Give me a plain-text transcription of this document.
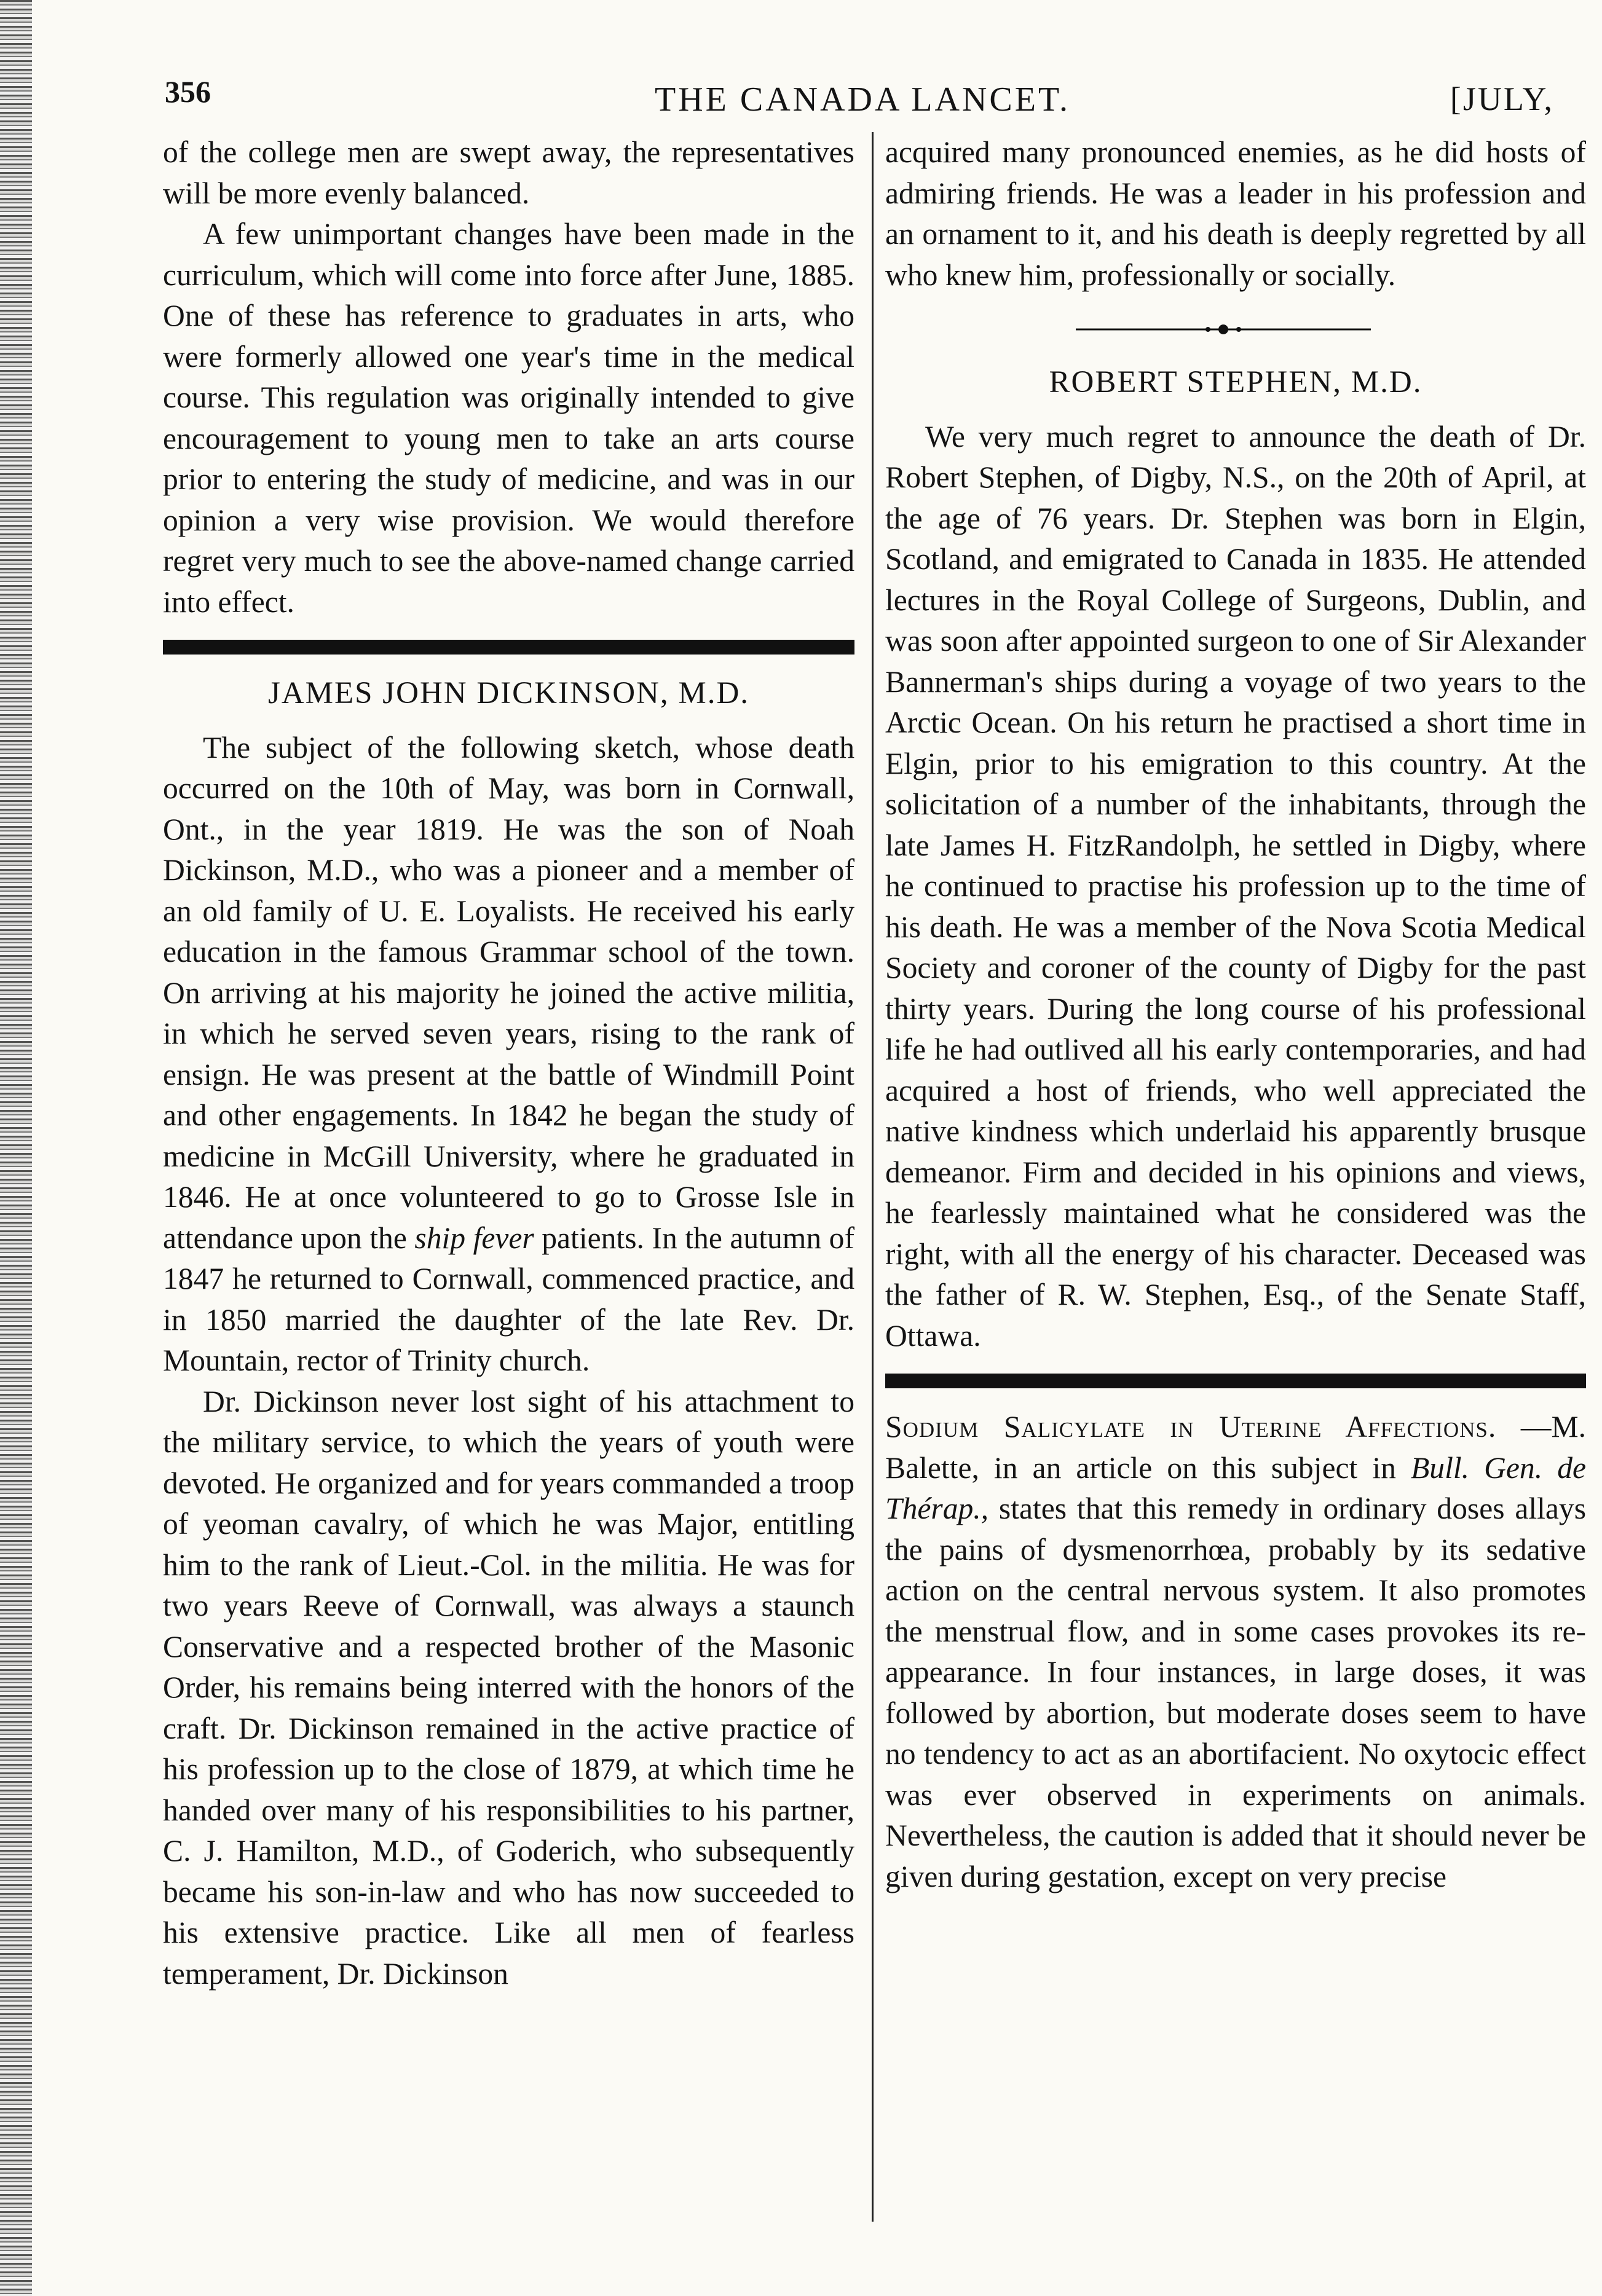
356	THE CANADA LANCET.	[JULY,

of the college men are swept away, the representatives will be more evenly balanced.

A few unimportant changes have been made in the curriculum, which will come into force after June, 1885. One of these has reference to graduates in arts, who were formerly allowed one year's time in the medical course. This regulation was originally intended to give encouragement to young men to take an arts course prior to entering the study of medicine, and was in our opinion a very wise provision. We would therefore regret very much to see the above-named change carried into effect.

JAMES JOHN DICKINSON, M.D.

The subject of the following sketch, whose death occurred on the 10th of May, was born in Cornwall, Ont., in the year 1819. He was the son of Noah Dickinson, M.D., who was a pioneer and a member of an old family of U. E. Loyalists. He received his early education in the famous Grammar school of the town. On arriving at his majority he joined the active militia, in which he served seven years, rising to the rank of ensign. He was present at the battle of Windmill Point and other engagements. In 1842 he began the study of medicine in McGill University, where he graduated in 1846. He at once volunteered to go to Grosse Isle in attendance upon the ship fever patients. In the autumn of 1847 he returned to Cornwall, commenced practice, and in 1850 married the daughter of the late Rev. Dr. Mountain, rector of Trinity church.

Dr. Dickinson never lost sight of his attachment to the military service, to which the years of youth were devoted. He organized and for years commanded a troop of yeoman cavalry, of which he was Major, entitling him to the rank of Lieut.-Col. in the militia. He was for two years Reeve of Cornwall, was always a staunch Conservative and a respected brother of the Masonic Order, his remains being interred with the honors of the craft. Dr. Dickinson remained in the active practice of his profession up to the close of 1879, at which time he handed over many of his responsibilities to his partner, C. J. Hamilton, M.D., of Goderich, who subsequently became his son-in-law and who has now succeeded to his extensive practice. Like all men of fearless temperament, Dr. Dickinson

acquired many pronounced enemies, as he did hosts of admiring friends. He was a leader in his profession and an ornament to it, and his death is deeply regretted by all who knew him, professionally or socially.

ROBERT STEPHEN, M.D.

We very much regret to announce the death of Dr. Robert Stephen, of Digby, N.S., on the 20th of April, at the age of 76 years. Dr. Stephen was born in Elgin, Scotland, and emigrated to Canada in 1835. He attended lectures in the Royal College of Surgeons, Dublin, and was soon after appointed surgeon to one of Sir Alexander Bannerman's ships during a voyage of two years to the Arctic Ocean. On his return he practised a short time in Elgin, prior to his emigration to this country. At the solicitation of a number of the inhabitants, through the late James H. FitzRandolph, he settled in Digby, where he continued to practise his profession up to the time of his death. He was a member of the Nova Scotia Medical Society and coroner of the county of Digby for the past thirty years. During the long course of his professional life he had outlived all his early contemporaries, and had acquired a host of friends, who well appreciated the native kindness which underlaid his apparently brusque demeanor. Firm and decided in his opinions and views, he fearlessly maintained what he considered was the right, with all the energy of his character. Deceased was the father of R. W. Stephen, Esq., of the Senate Staff, Ottawa.

Sodium Salicylate in Uterine Affections. —M. Balette, in an article on this subject in Bull. Gen. de Thérap., states that this remedy in ordinary doses allays the pains of dysmenorrhœa, probably by its sedative action on the central nervous system. It also promotes the menstrual flow, and in some cases provokes its re-appearance. In four instances, in large doses, it was followed by abortion, but moderate doses seem to have no tendency to act as an abortifacient. No oxytocic effect was ever observed in experiments on animals. Nevertheless, the caution is added that it should never be given during gestation, except on very precise
